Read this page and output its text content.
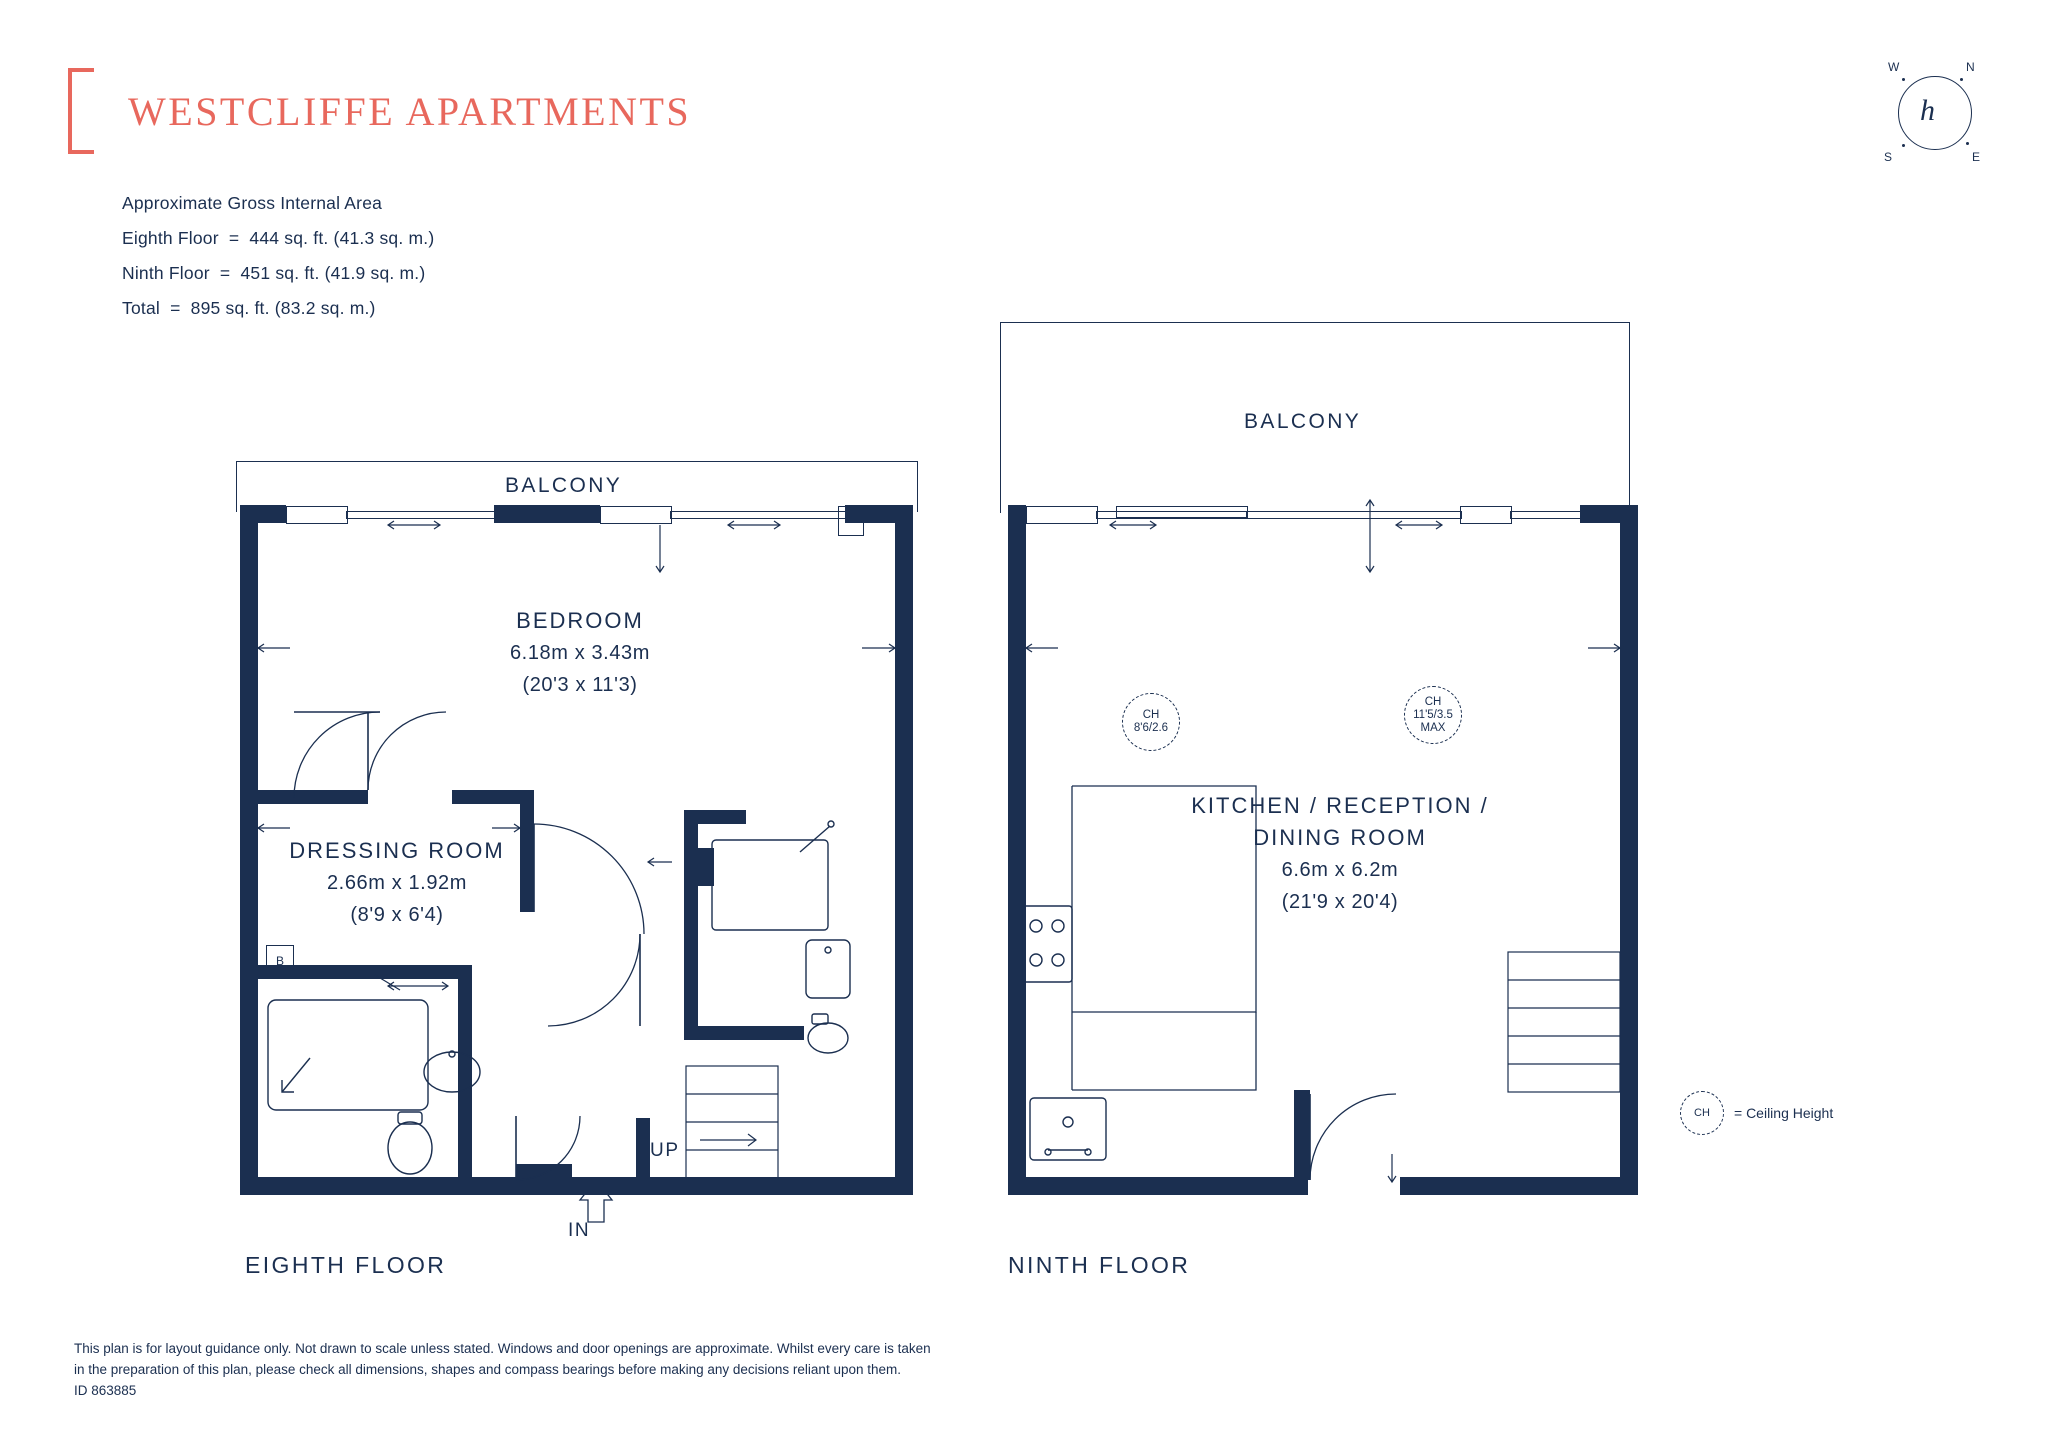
WESTCLIFFE APARTMENTS
Approximate Gross Internal Area
Eighth Floor  =  444 sq. ft. (41.3 sq. m.)
Ninth Floor  =  451 sq. ft. (41.9 sq. m.)
Total  =  895 sq. ft. (83.2 sq. m.)
h
N
E
S
W
BALCONY
BEDROOM
6.18m x 3.43m
(20'3 x 11'3)
DRESSING ROOM
2.66m x 1.92m
(8'9 x 6'4)
B
UP
IN
EIGHTH FLOOR
BALCONY
KITCHEN / RECEPTION /
DINING ROOM
6.6m x 6.2m
(21'9 x 20'4)
CH
8'6/2.6
CH
11'5/3.5
MAX
NINTH FLOOR
CH	= Ceiling Height
This plan is for layout guidance only. Not drawn to scale unless stated. Windows and door openings are approximate. Whilst every care is taken
in the preparation of this plan, please check all dimensions, shapes and compass bearings before making any decisions reliant upon them.
ID 863885
